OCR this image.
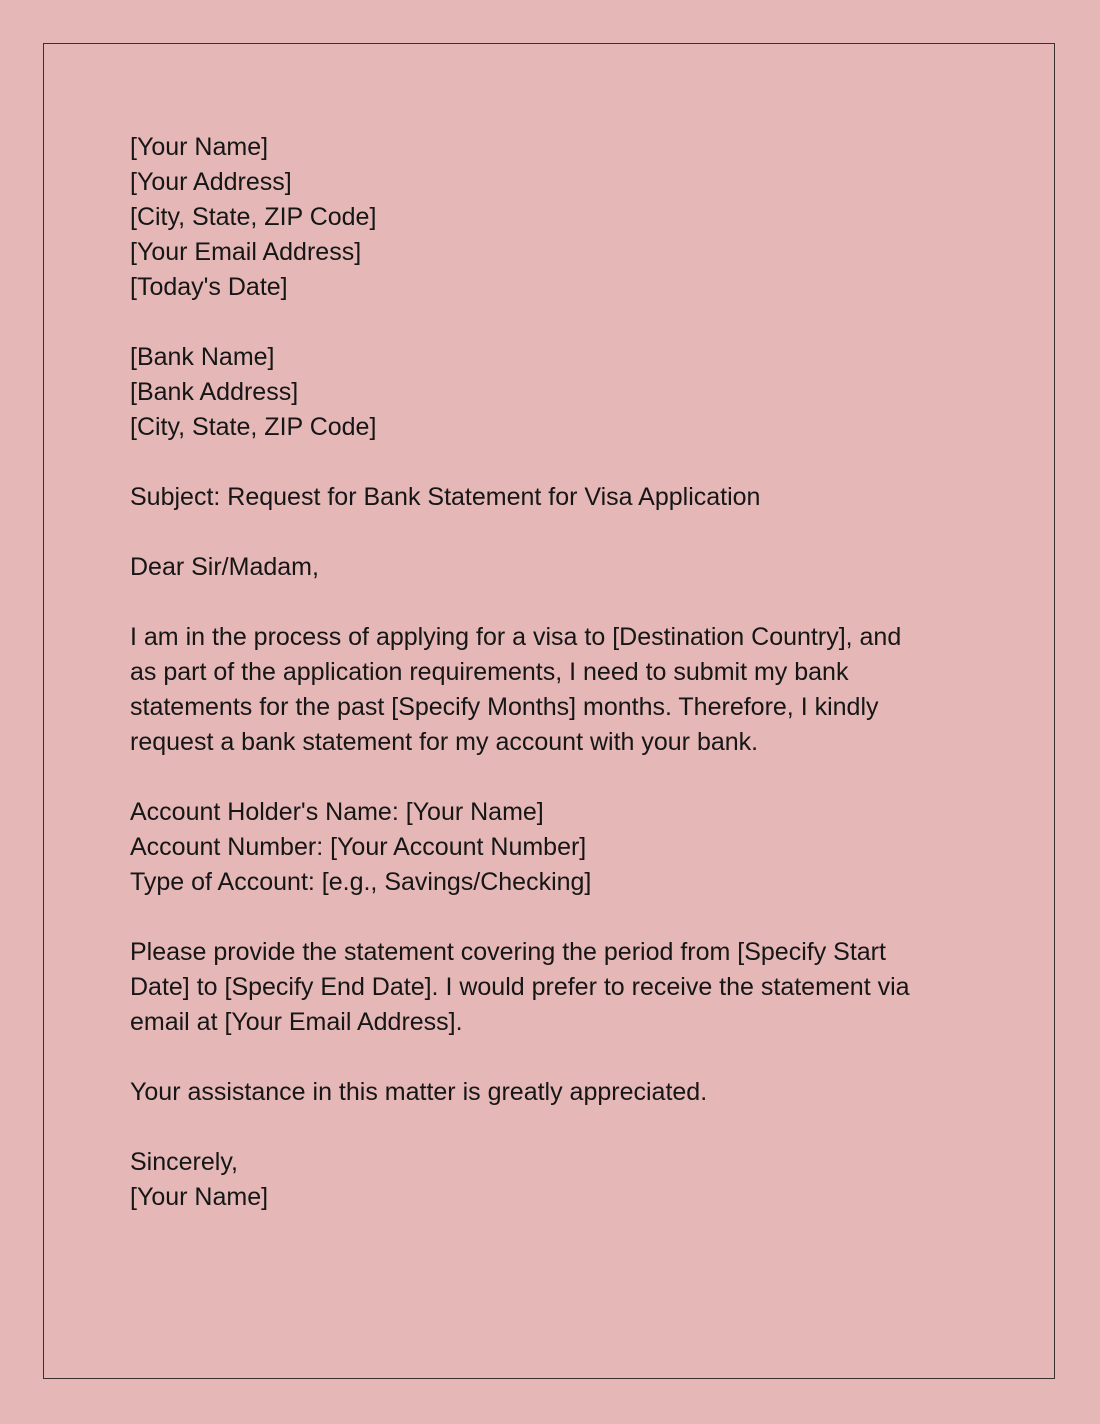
[Your Name]
[Your Address]
[City, State, ZIP Code]
[Your Email Address]
[Today's Date]
[Bank Name]
[Bank Address]
[City, State, ZIP Code]
Subject: Request for Bank Statement for Visa Application
Dear Sir/Madam,
I am in the process of applying for a visa to [Destination Country], and
as part of the application requirements, I need to submit my bank
statements for the past [Specify Months] months. Therefore, I kindly
request a bank statement for my account with your bank.
Account Holder's Name: [Your Name]
Account Number: [Your Account Number]
Type of Account: [e.g., Savings/Checking]
Please provide the statement covering the period from [Specify Start
Date] to [Specify End Date]. I would prefer to receive the statement via
email at [Your Email Address].
Your assistance in this matter is greatly appreciated.
Sincerely,
[Your Name]
